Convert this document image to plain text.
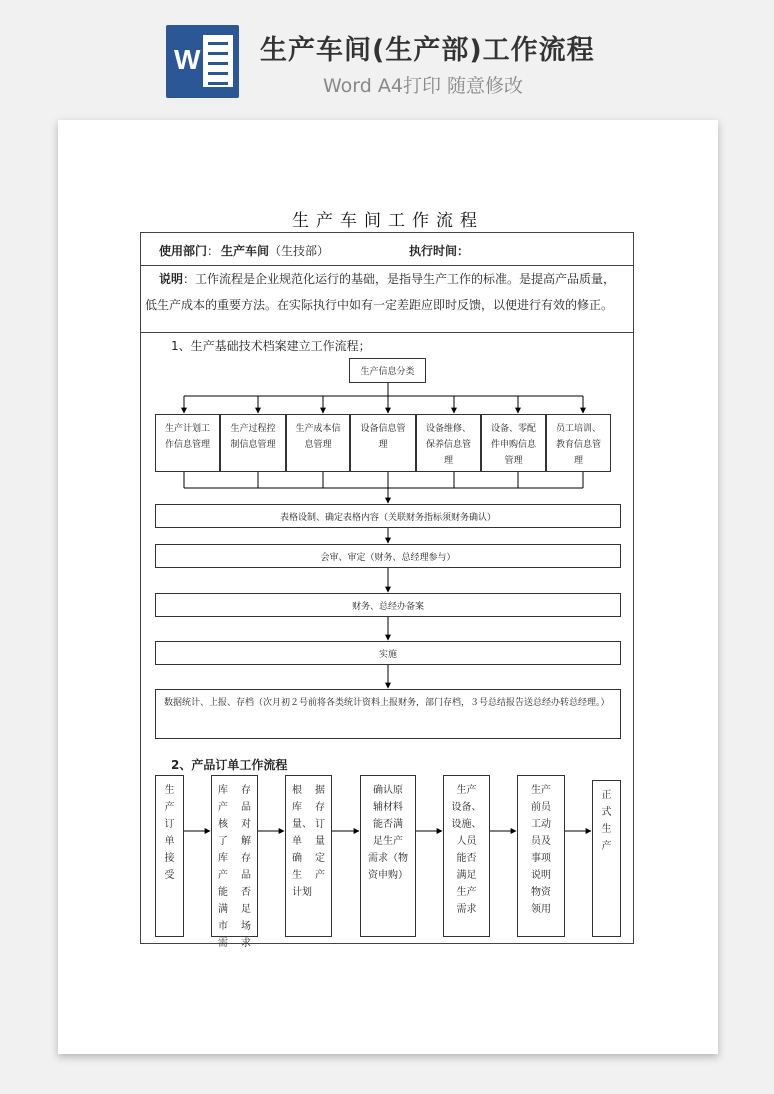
W 生产车间(生产部)工作流程
Word A4打印 随意修改
生产车间工作流程
使用部门 ： 生产车间 （生技部）	执行时间：
说明：工作流程是企业规范化运行的基础，是指导生产工作的标准。是提高产品质量，
低生产成本的重要方法。在实际执行中如有一定差距应即时反馈，以便进行有效的修正。
1、生产基础技术档案建立工作流程；
2、产品订单工作流程
生产信息分类
生产计划工
作信息管理
生产过程控
制信息管理
生产成本信
息管理
设备信息管
理
设备维修、
保养信息管
理
设备、零配
件申购信息
管理
员工培训、
教育信息管
理
表格设制、确定表格内容（关联财务指标须财务确认）
会审、审定（财务、总经理参与）
财务、总经办备案
实施
数据统计、上报、存档（次月初２号前将各类统计资料上报财务，部门存档，３号总结报告送总经办转总经理。）
生
产
订
单
接
受
库 存
产 品
核 对
了 解
库 存
产 品
能 否
满 足
市 场
需 求
根 据
库 存
量、 订
单 量
确 定
生 产
计划
确认原
辅材料
能否满
足生产
需求（物
资申购）
生产
设备、
设施、
人员
能否
满足
生产
需求
生产
前员
工动
员及
事项
说明
物资
领用
正
式
生
产
